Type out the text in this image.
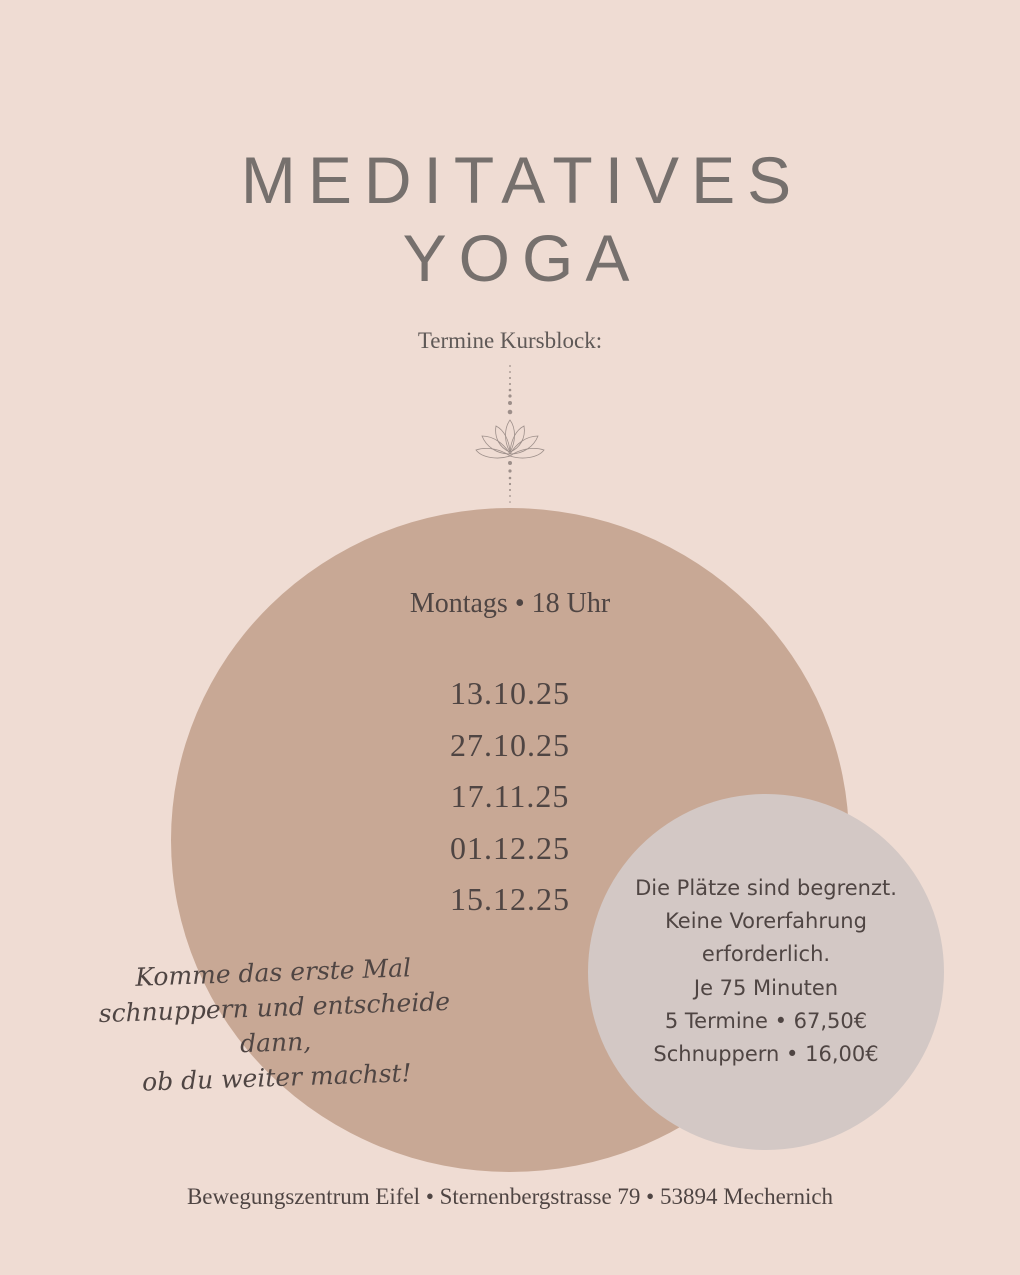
MEDITATIVES
YOGA
Termine Kursblock:
Montags • 18 Uhr
13.10.25
27.10.25
17.11.25
01.12.25
15.12.25	Die Plätze sind begrenzt.
Keine Vorerfahrung
erforderlich.
Je 75 Minuten
5 Termine • 67,50€
Schnuppern • 16,00€
Komme das erste Mal
schnuppern und entscheide dann,
ob du weiter machst!
Bewegungszentrum Eifel • Sternenbergstrasse 79 • 53894 Mechernich
